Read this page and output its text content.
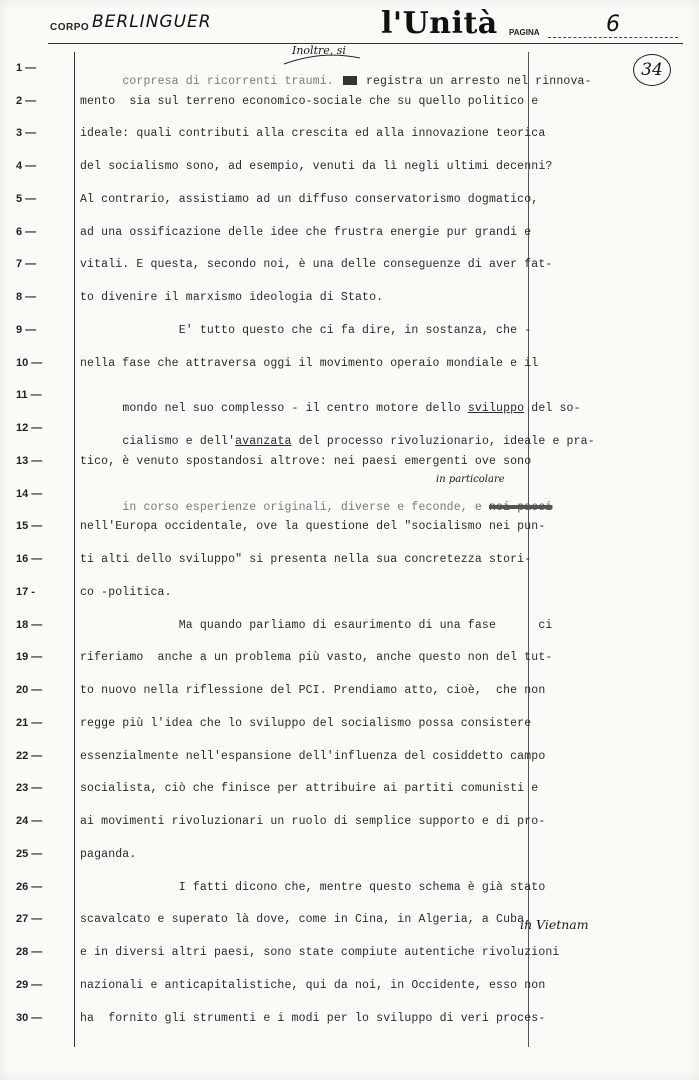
CORPO BERLINGUER	l'Unità PAGINA	6
34
Inoltre, si
in particolare
in Vietnam
1 —
2 —
3 —
4 —
5 —
6 —
7 —
8 —
9 —
10 —
11 —
12 —
13 —
14 —
15 —
16 —
17 -
18 —
19 —
20 —
21 —
22 —
23 —
24 —
25 —
26 —
27 —
28 —
29 —
30 —

corpresa di ricorrenti traumi.  registra un arresto nel rinnova-

mento  sia sul terreno economico-sociale che su quello politico e
ideale: quali contributi alla crescita ed alla innovazione teorica
del socialismo sono, ad esempio, venuti da lì negli ultimi decenni?
Al contrario, assistiamo ad un diffuso conservatorismo dogmatico,
ad una ossificazione delle idee che frustra energie pur grandi e
vitali. E questa, secondo noi, è una delle conseguenze di aver fat-
to divenire il marxismo ideologia di Stato.
E' tutto questo che ci fa dire, in sostanza, che -
nella fase che attraversa oggi il movimento operaio mondiale e il

mondo nel suo complesso - il centro motore dello sviluppo del so-

cialismo e dell'avanzata del processo rivoluzionario, ideale e pra-

tico, è venuto spostandosi altrove: nei paesi emergenti ove sono

in corso esperienze originali, diverse e feconde, e nei paesi

nell'Europa occidentale, ove la questione del "socialismo nei pun-
ti alti dello sviluppo" si presenta nella sua concretezza stori-
co -politica.
Ma quando parliamo di esaurimento di una fase      ci
riferiamo  anche a un problema più vasto, anche questo non del tut-
to nuovo nella riflessione del PCI. Prendiamo atto, cioè,  che non
regge più l'idea che lo sviluppo del socialismo possa consistere
essenzialmente nell'espansione dell'influenza del cosiddetto campo
socialista, ciò che finisce per attribuire ai partiti comunisti e
ai movimenti rivoluzionari un ruolo di semplice supporto e di pro-
paganda.
I fatti dicono che, mentre questo schema è già stato
scavalcato e superato là dove, come in Cina, in Algeria, a Cuba,
e in diversi altri paesi, sono state compiute autentiche rivoluzioni
nazionali e anticapitalistiche, qui da noi, in Occidente, esso non
ha  fornito gli strumenti e i modi per lo sviluppo di veri proces-
